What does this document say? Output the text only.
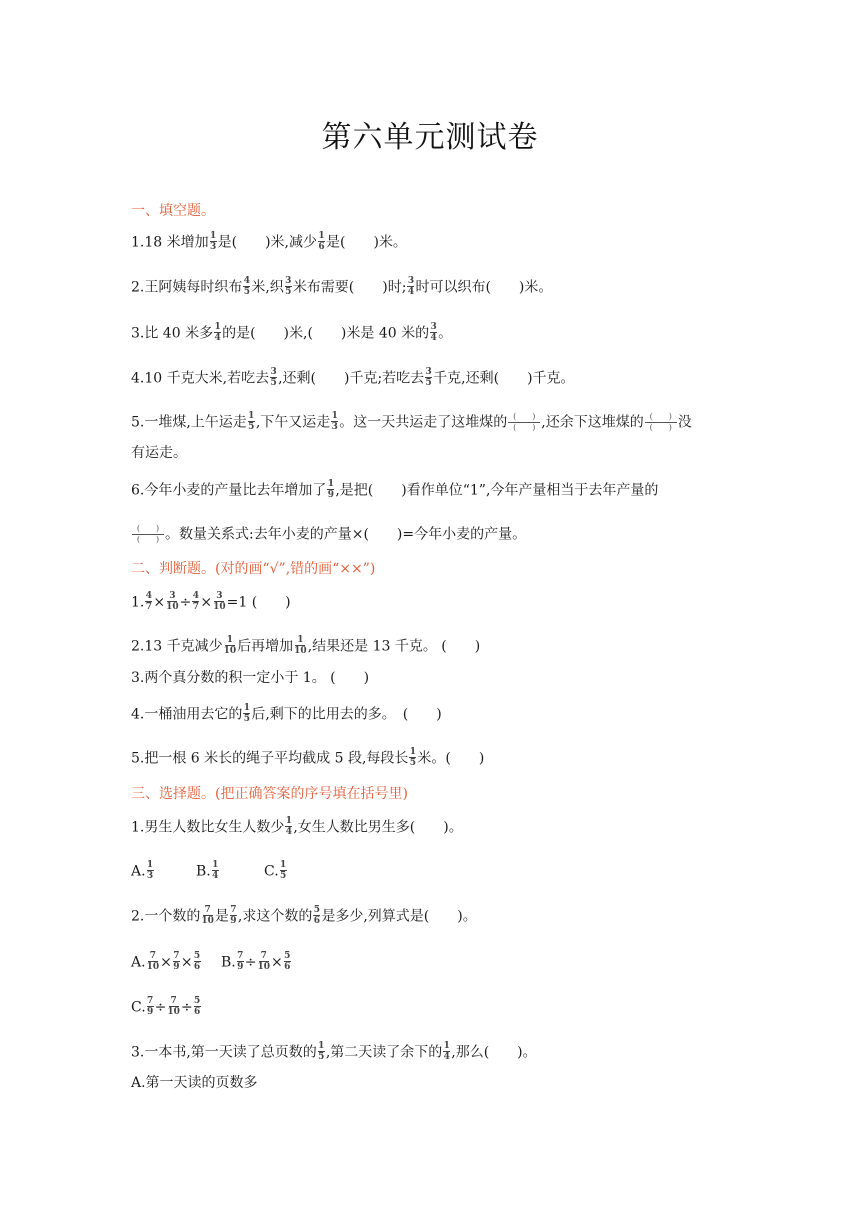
第六单元测试卷
一、填空题。
1.18 米增加 $\frac{1}{3}$ 是(　　)米,减少 $\frac{1}{6}$ 是(　　)米。
2.王阿姨每时织布 $\frac{4}{5}$ 米,织 $\frac{3}{5}$ 米布需要(　　)时; $\frac{3}{4}$ 时可以织布(　　)米。
3.比 40 米多 $\frac{1}{4}$ 的是(　　)米,(　　)米是 40 米的 $\frac{3}{4}$ 。
4.10 千克大米,若吃去 $\frac{3}{5}$ ,还剩(　　)千克;若吃去 $\frac{3}{5}$ 千克,还剩(　　)千克。
5.一堆煤,上午运走 $\frac{1}{5}$ ,下午又运走 $\frac{1}{3}$ 。这一天共运走了这堆煤的 (　　)
(　　) ,还余下这堆煤的 (　　)
(　　) 没
有运走。
6.今年小麦的产量比去年增加了 $\frac{1}{9}$ ,是把(　　)看作单位“1”,今年产量相当于去年产量的
(　　)
(　　) 。数量关系式:去年小麦的产量×(　　)=今年小麦的产量。
二、判断题。(对的画“√”,错的画“××”)
1. $\frac{4}{7} \times \frac{3}{10} \div \frac{4}{7} \times \frac{3}{10} =1$ (　　)
2.13 千克减少 $\frac{1}{10}$ 后再增加 $\frac{1}{10}$ ,结果还是 13 千克。 (　　)
3.两个真分数的积一定小于 1。 (　　)
4.一桶油用去它的 $\frac{1}{5}$ 后,剩下的比用去的多。　(　　)
5.把一根 6 米长的绳子平均截成 5 段,每段长 $\frac{1}{5}$ 米。(　　)
三、选择题。(把正确答案的序号填在括号里)
1.男生人数比女生人数少 $\frac{1}{4}$ ,女生人数比男生多(　　)。
A. $\frac{1}{3}$	B. $\frac{1}{4}$	C. $\frac{1}{5}$
2.一个数的 $\frac{7}{10}$ 是 $\frac{7}{9}$ ,求这个数的 $\frac{5}{6}$ 是多少,列算式是(　　)。
A. $\frac{7}{10} \times \frac{7}{9} \times \frac{5}{6} B$. $\frac{7}{9} \div \frac{7}{10} \times \frac{5}{6}$
C. $\frac{7}{9} \div \frac{7}{10} \div \frac{5}{6}$
3.一本书,第一天读了总页数的 $\frac{1}{5}$ ,第二天读了余下的 $\frac{1}{4}$ ,那么(　　)。
A.第一天读的页数多
